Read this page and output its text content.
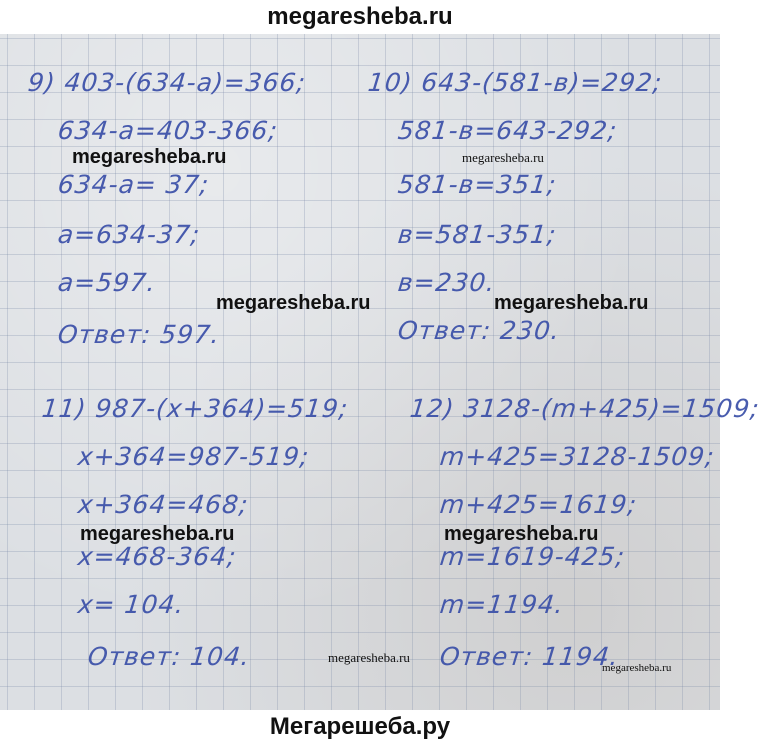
megaresheba.ru
9) 403-(634-a)=366;
634-a=403-366;
634-a= 37;
a=634-37;
a=597.
Ответ: 597.
10) 643-(581-в)=292;
581-в=643-292;
581-в=351;
в=581-351;
в=230.
Ответ: 230.
11) 987-(x+364)=519;
x+364=987-519;
x+364=468;
x=468-364;
x= 104.
Ответ: 104.
12) 3128-(m+425)=1509;
m+425=3128-1509;
m+425=1619;
m=1619-425;
m=1194.
Ответ: 1194.
megaresheba.ru	megaresheba.ru
megaresheba.ru	megaresheba.ru
megaresheba.ru	megaresheba.ru
megaresheba.ru
megaresheba.ru
Мегарешеба.ру
